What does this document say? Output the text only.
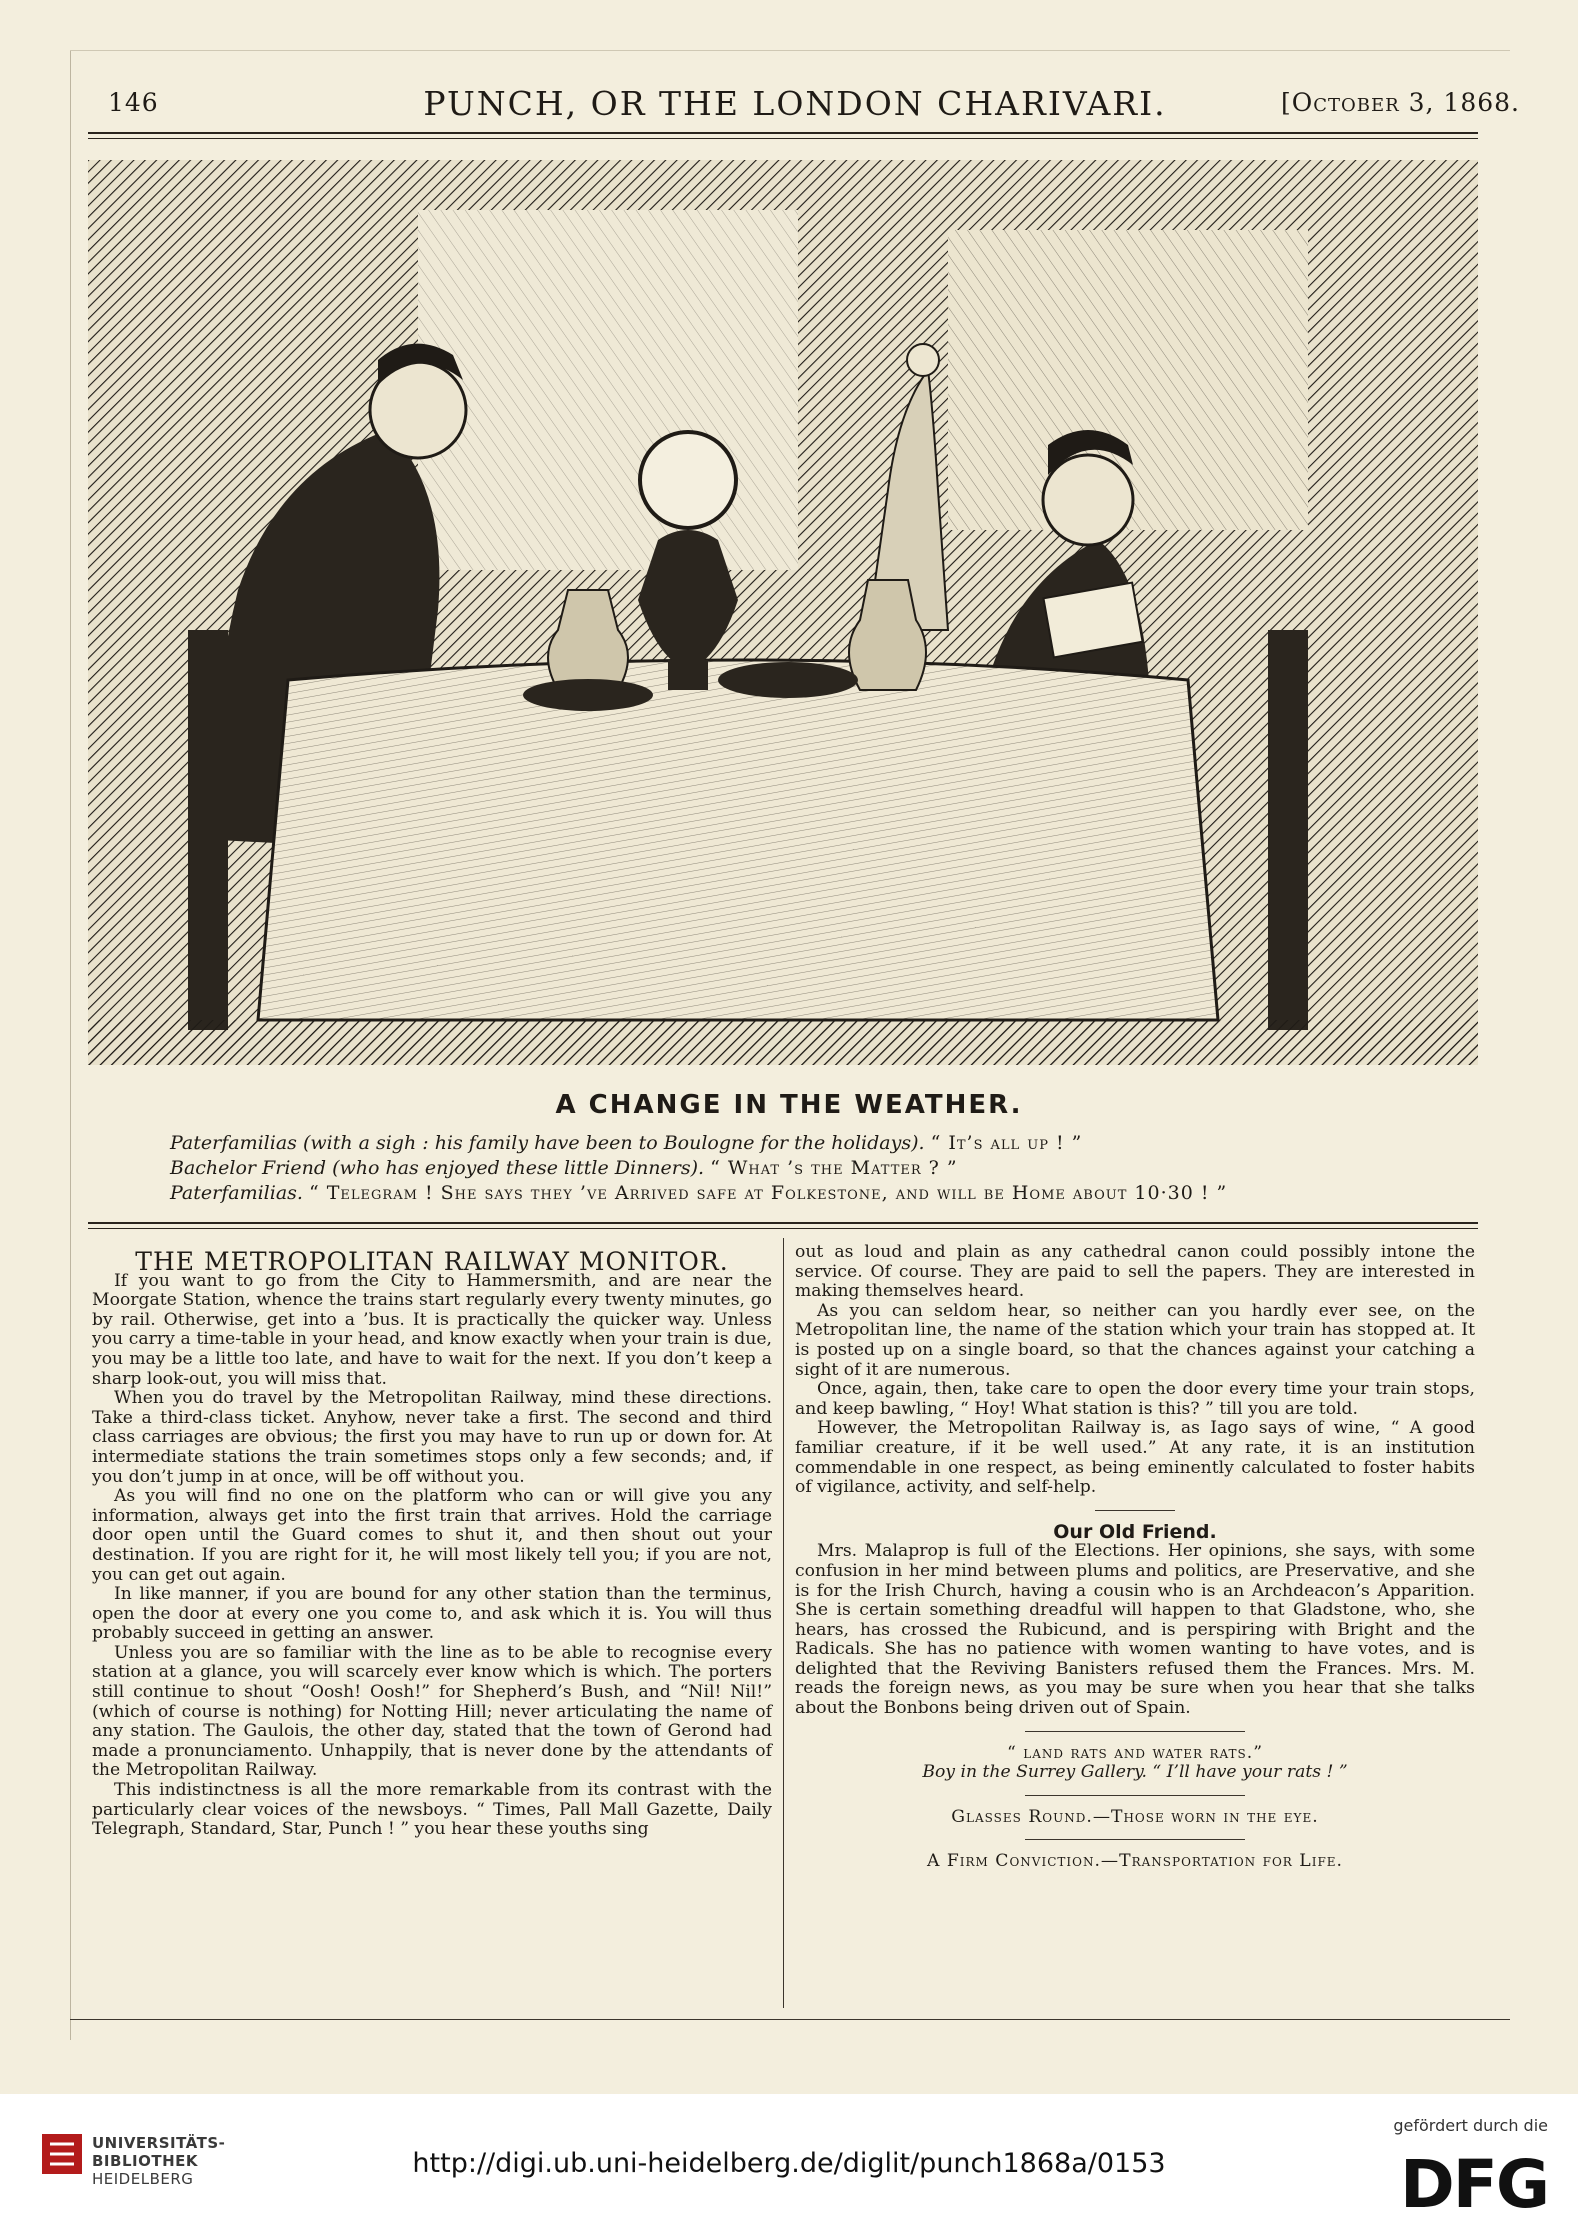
146	PUNCH, OR THE LONDON CHARIVARI.	[October 3, 1868.
A CHANGE IN THE WEATHER.
Paterfamilias (with a sigh : his family have been to Boulogne for the holidays). “ It’s all up ! ”
Bachelor Friend (who has enjoyed these little Dinners). “ What ’s the Matter ? ”
Paterfamilias. “ Telegram ! She says they ’ve Arrived safe at Folkestone, and will be Home about 10·30 ! ”

THE METROPOLITAN RAILWAY MONITOR.

If you want to go from the City to Hammersmith, and are near the Moorgate Station, whence the trains start regularly every twenty minutes, go by rail. Otherwise, get into a ’bus. It is practically the quicker way. Unless you carry a time-table in your head, and know exactly when your train is due, you may be a little too late, and have to wait for the next. If you don’t keep a sharp look-out, you will miss that.

When you do travel by the Metropolitan Railway, mind these directions. Take a third-class ticket. Anyhow, never take a first. The second and third class carriages are obvious; the first you may have to run up or down for. At intermediate stations the train sometimes stops only a few seconds; and, if you don’t jump in at once, will be off without you.

As you will find no one on the platform who can or will give you any information, always get into the first train that arrives. Hold the carriage door open until the Guard comes to shut it, and then shout out your destination. If you are right for it, he will most likely tell you; if you are not, you can get out again.

In like manner, if you are bound for any other station than the terminus, open the door at every one you come to, and ask which it is. You will thus probably succeed in getting an answer.

Unless you are so familiar with the line as to be able to recognise every station at a glance, you will scarcely ever know which is which. The porters still continue to shout “Oosh! Oosh!” for Shepherd’s Bush, and “Nil! Nil!” (which of course is nothing) for Notting Hill; never articulating the name of any station. The Gaulois, the other day, stated that the town of Gerond had made a pronunciamento. Unhappily, that is never done by the attendants of the Metropolitan Railway.

This indistinctness is all the more remarkable from its contrast with the particularly clear voices of the newsboys. “ Times, Pall Mall Gazette, Daily Telegraph, Standard, Star, Punch ! ” you hear these youths sing

out as loud and plain as any cathedral canon could possibly intone the service. Of course. They are paid to sell the papers. They are interested in making themselves heard.

As you can seldom hear, so neither can you hardly ever see, on the Metropolitan line, the name of the station which your train has stopped at. It is posted up on a single board, so that the chances against your catching a sight of it are numerous.

Once, again, then, take care to open the door every time your train stops, and keep bawling, “ Hoy! What station is this? ” till you are told.

However, the Metropolitan Railway is, as Iago says of wine, “ A good familiar creature, if it be well used.” At any rate, it is an institution commendable in one respect, as being eminently calculated to foster habits of vigilance, activity, and self-help.

Our Old Friend.

Mrs. Malaprop is full of the Elections. Her opinions, she says, with some confusion in her mind between plums and politics, are Preservative, and she is for the Irish Church, having a cousin who is an Archdeacon’s Apparition. She is certain something dreadful will happen to that Gladstone, who, she hears, has crossed the Rubicund, and is perspiring with Bright and the Radicals. She has no patience with women wanting to have votes, and is delighted that the Reviving Banisters refused them the Frances. Mrs. M. reads the foreign news, as you may be sure when you hear that she talks about the Bonbons being driven out of Spain.

“ land rats and water rats.”

Boy in the Surrey Gallery. “ I’ll have your rats ! ”

Glasses Round.—Those worn in the eye.

A Firm Conviction.—Transportation for Life.

UNIVERSITÄTS-
BIBLIOTHEK
HEIDELBERG	http://digi.ub.uni-heidelberg.de/diglit/punch1868a/0153
gefördert durch die
DFG
